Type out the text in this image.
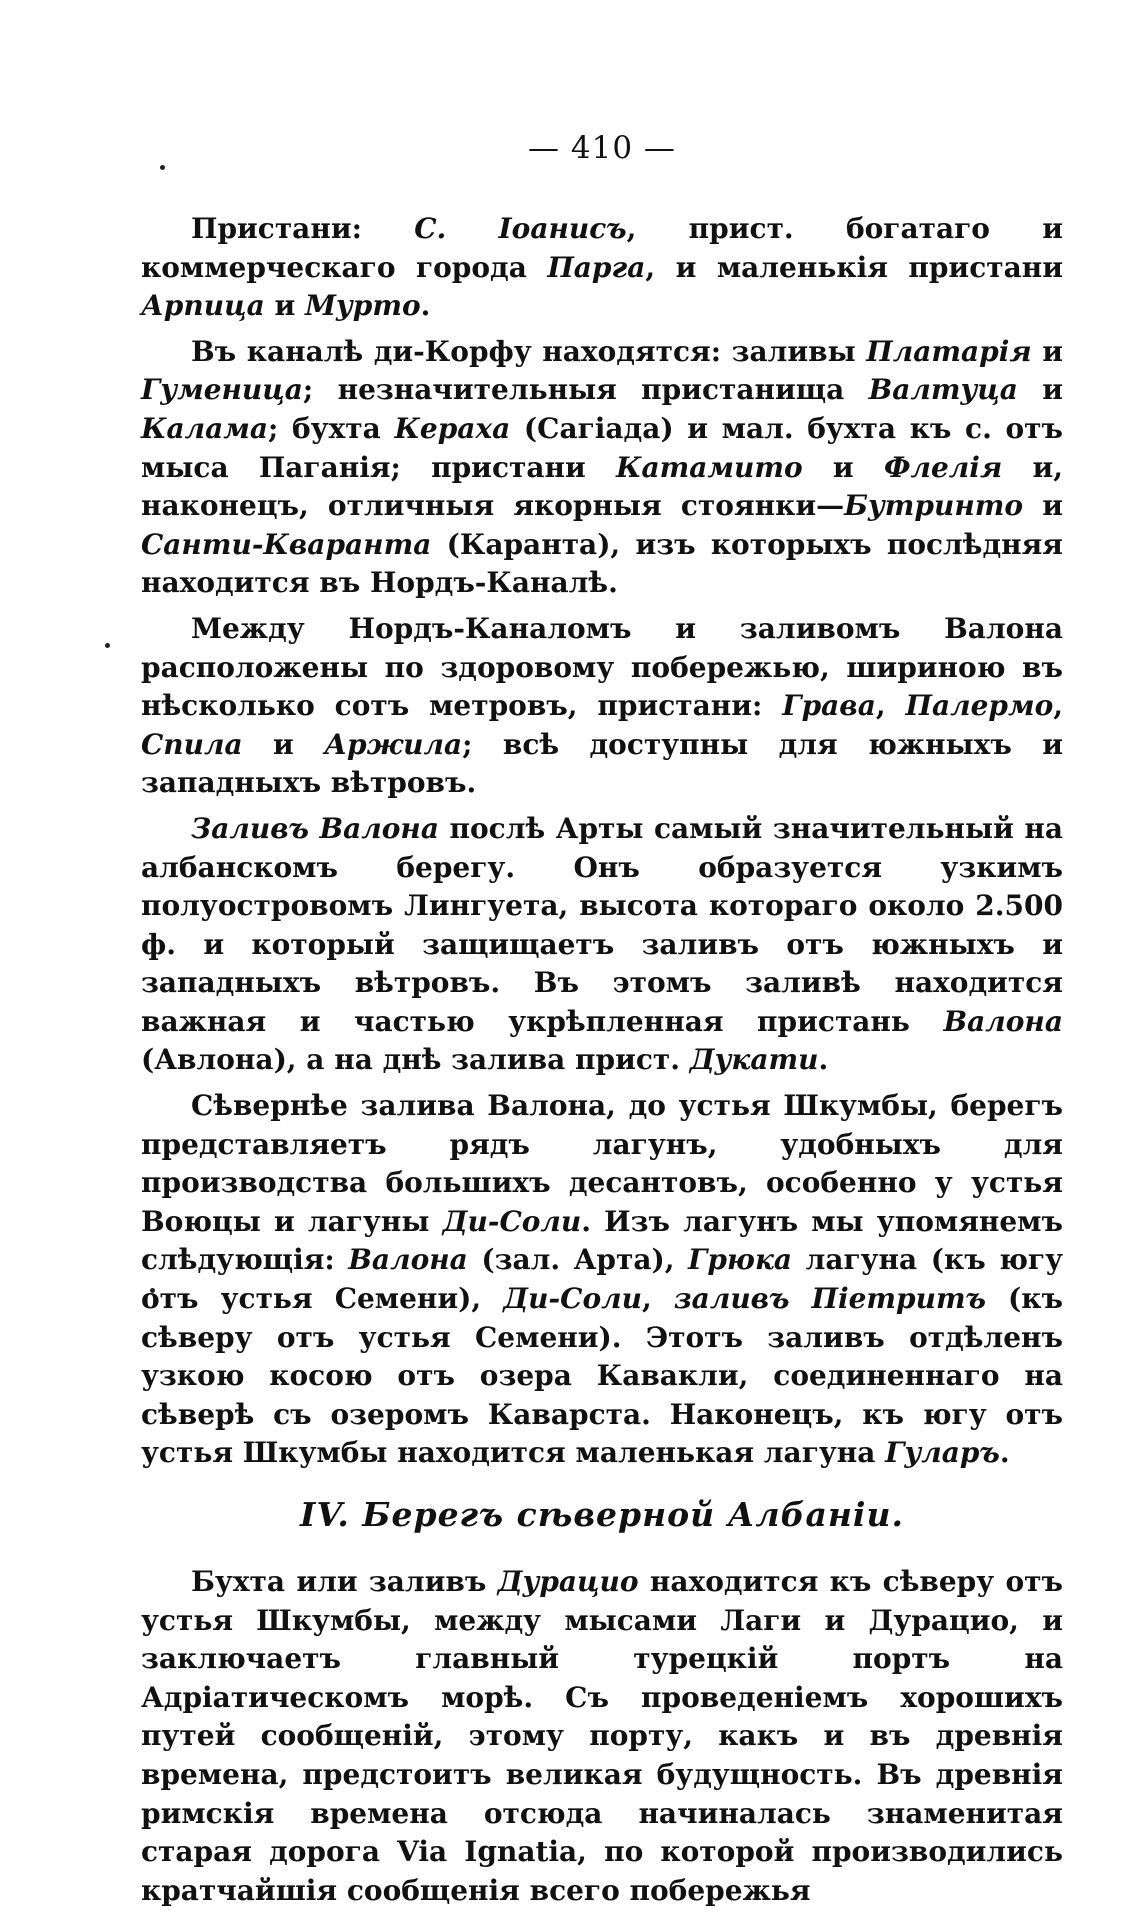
— 410 —

Пристани: С. Іоанисъ, прист. богатаго и коммерческаго города Парга, и маленькія пристани Арпица и Мурто.

Въ каналѣ ди-Корфу находятся: заливы Платарія и Гуменица; незначительныя пристанища Валтуца и Калама; бухта Кераха (Сагіада) и мал. бухта къ с. отъ мыса Паганія; пристани Катамито и Флелія и, наконецъ, отличныя якорныя стоянки—Бутринто и Санти-Кваранта (Каранта), изъ которыхъ послѣдняя находится въ Нордъ-Каналѣ.

Между Нордъ-Каналомъ и заливомъ Валона расположены по здоровому побережью, шириною въ нѣсколько сотъ метровъ, пристани: Грава, Палермо, Спила и Аржила; всѣ доступны для южныхъ и западныхъ вѣтровъ.

Заливъ Валона послѣ Арты самый значительный на албанскомъ берегу. Онъ образуется узкимъ полуостровомъ Лингуета, высота котораго около 2.500 ф. и который защищаетъ заливъ отъ южныхъ и западныхъ вѣтровъ. Въ этомъ заливѣ находится важная и частью укрѣпленная пристань Валона (Авлона), а на днѣ залива прист. Дукати.

Сѣвернѣе залива Валона, до устья Шкумбы, берегъ представляетъ рядъ лагунъ, удобныхъ для производства большихъ десантовъ, особенно у устья Воюцы и лагуны Ди-Соли. Изъ лагунъ мы упомянемъ слѣдующія: Валона (зал. Арта), Грюка лагуна (къ югу отъ устья Семени), Ди-Соли, заливъ Піетритъ (къ сѣверу отъ устья Семени). Этотъ заливъ отдѣленъ узкою косою отъ озера Кавакли, соединеннаго на сѣверѣ съ озеромъ Каварста. Наконецъ, къ югу отъ устья Шкумбы находится маленькая лагуна Гуларъ.

IV. Берегъ сѣверной Албаніи.

Бухта или заливъ Дурацио находится къ сѣверу отъ устья Шкумбы, между мысами Лаги и Дурацио, и заключаетъ главный турецкій портъ на Адріатическомъ морѣ. Съ проведеніемъ хорошихъ путей сообщеній, этому порту, какъ и въ древнія времена, предстоитъ великая будущность. Въ древнія римскія времена отсюда начиналась знаменитая старая дорога Via Ignatia, по которой производились кратчайшія сообщенія всего побережья
